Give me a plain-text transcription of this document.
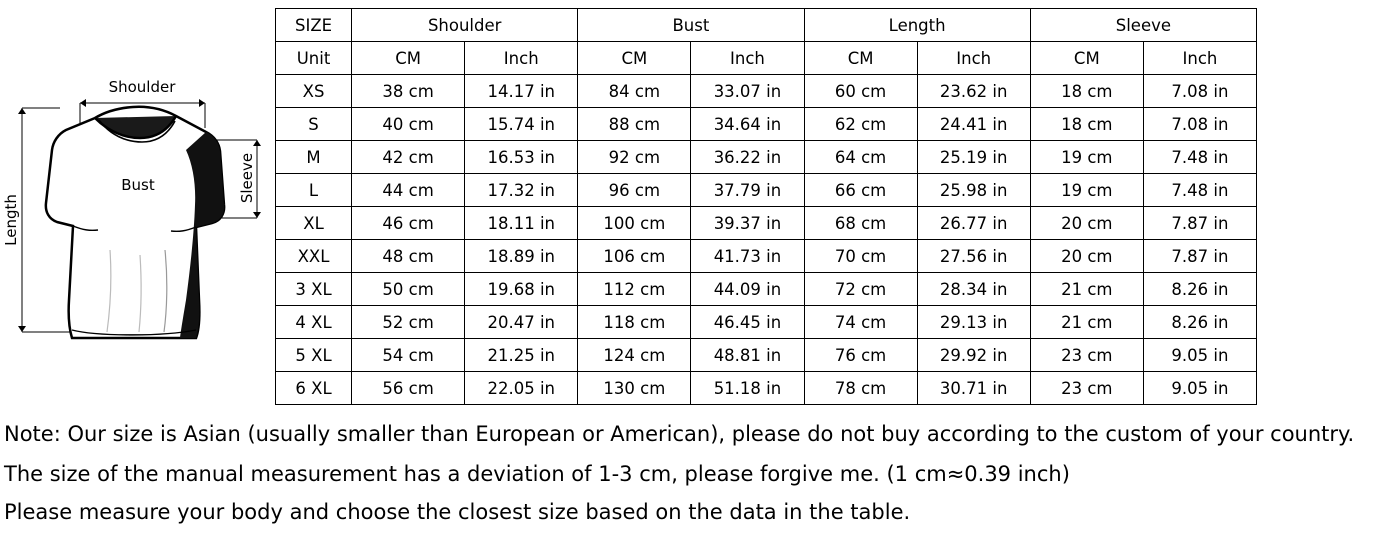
Shoulder
Bust
Length
Sleeve
SIZE	Shoulder		Bust		Length		Sleeve	
Unit	CM	Inch	CM	Inch	CM	Inch	CM	Inch
XS	38 cm	14.17 in	84 cm	33.07 in	60 cm	23.62 in	18 cm	7.08 in
S	40 cm	15.74 in	88 cm	34.64 in	62 cm	24.41 in	18 cm	7.08 in
M	42 cm	16.53 in	92 cm	36.22 in	64 cm	25.19 in	19 cm	7.48 in
L	44 cm	17.32 in	96 cm	37.79 in	66 cm	25.98 in	19 cm	7.48 in
XL	46 cm	18.11 in	100 cm	39.37 in	68 cm	26.77 in	20 cm	7.87 in
XXL	48 cm	18.89 in	106 cm	41.73 in	70 cm	27.56 in	20 cm	7.87 in
3 XL	50 cm	19.68 in	112 cm	44.09 in	72 cm	28.34 in	21 cm	8.26 in
4 XL	52 cm	20.47 in	118 cm	46.45 in	74 cm	29.13 in	21 cm	8.26 in
5 XL	54 cm	21.25 in	124 cm	48.81 in	76 cm	29.92 in	23 cm	9.05 in
6 XL	56 cm	22.05 in	130 cm	51.18 in	78 cm	30.71 in	23 cm	9.05 in
Note: Our size is Asian (usually smaller than European or American), please do not buy according to the custom of your country.
The size of the manual measurement has a deviation of 1-3 cm, please forgive me. (1 cm≈0.39 inch)
Please measure your body and choose the closest size based on the data in the table.
